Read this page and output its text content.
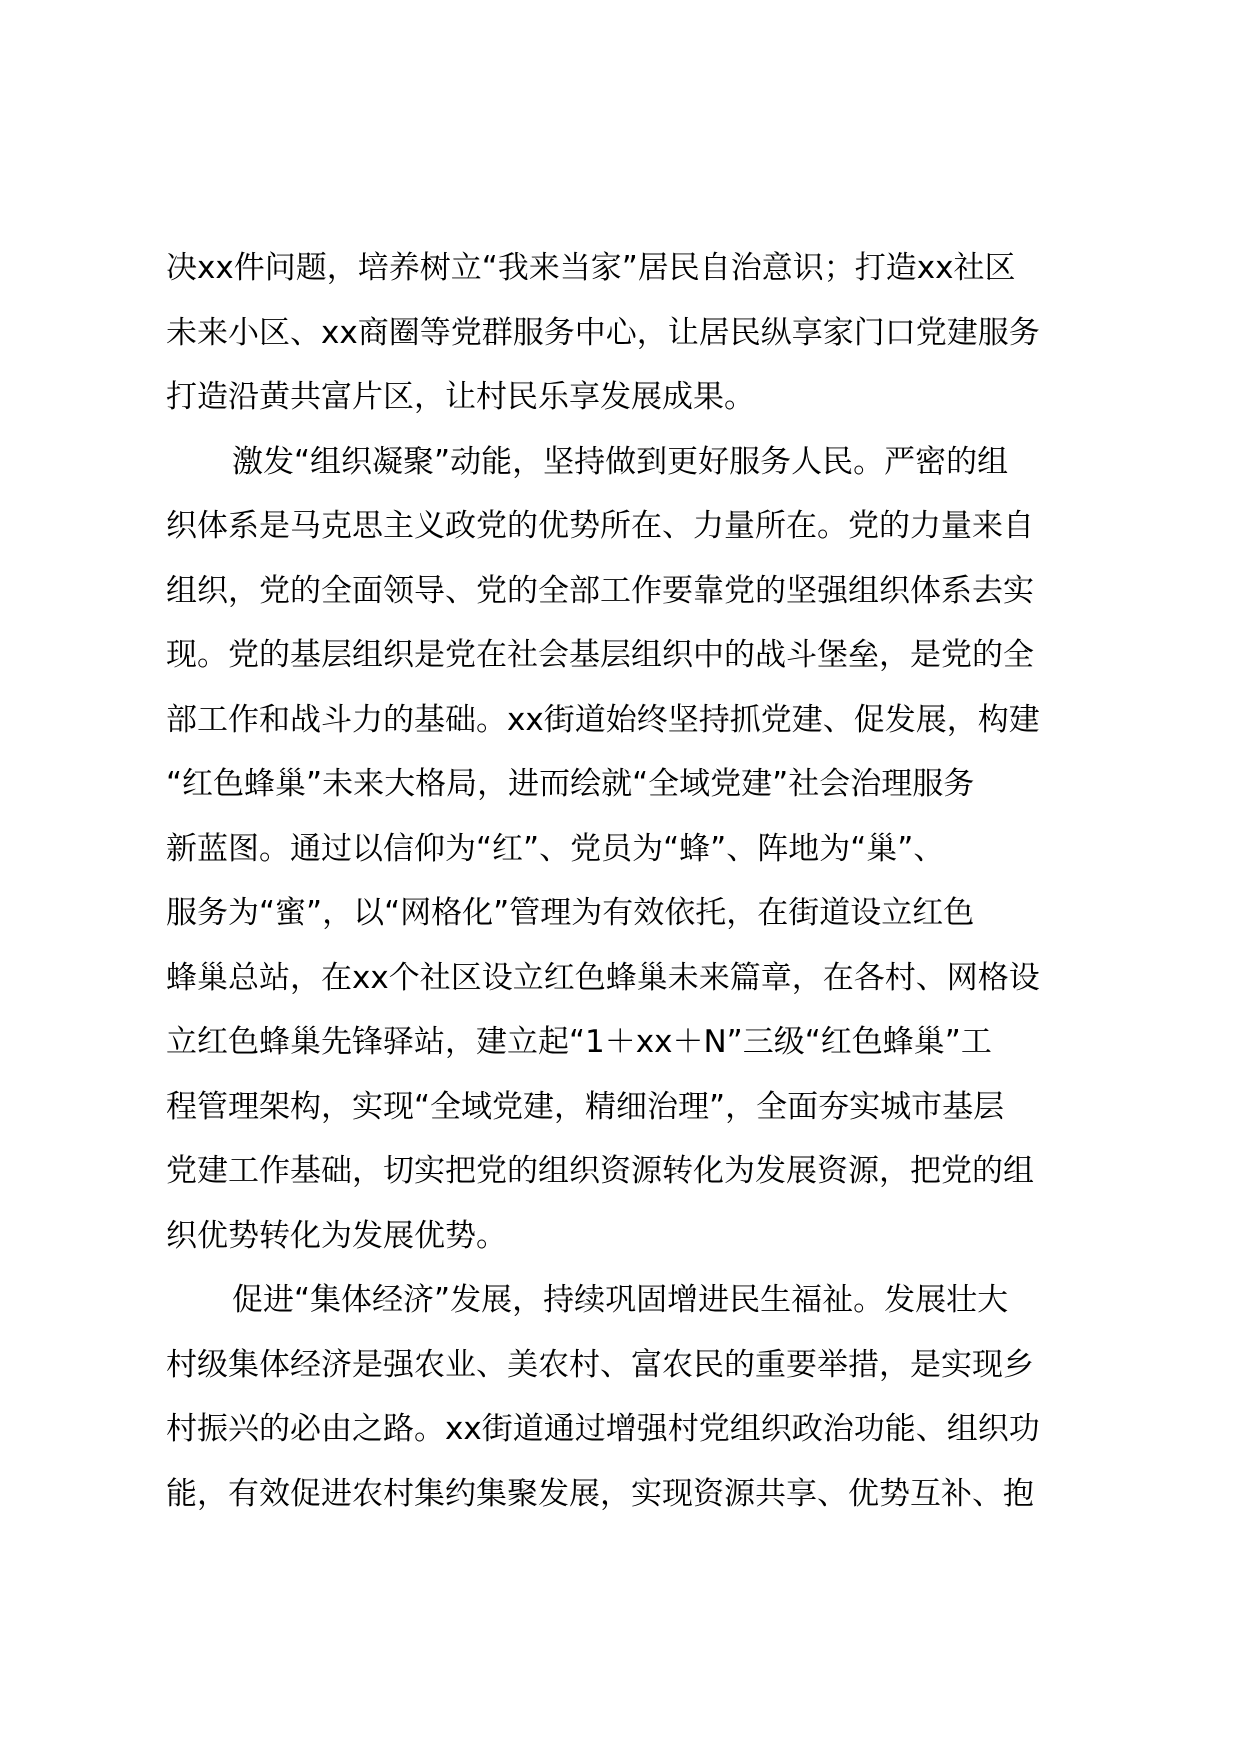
决xx件问题，培养树立“我来当家”居民自治意识；打造xx社区
未来小区、xx商圈等党群服务中心，让居民纵享家门口党建服务
打造沿黄共富片区，让村民乐享发展成果。
激发“组织凝聚”动能，坚持做到更好服务人民。严密的组
织体系是马克思主义政党的优势所在、力量所在。党的力量来自
组织，党的全面领导、党的全部工作要靠党的坚强组织体系去实
现。党的基层组织是党在社会基层组织中的战斗堡垒，是党的全
部工作和战斗力的基础。xx街道始终坚持抓党建、促发展，构建
“红色蜂巢”未来大格局，进而绘就“全域党建”社会治理服务
新蓝图。通过以信仰为“红”、党员为“蜂”、阵地为“巢”、
服务为“蜜”，以“网格化”管理为有效依托，在街道设立红色
蜂巢总站，在xx个社区设立红色蜂巢未来篇章，在各村、网格设
立红色蜂巢先锋驿站，建立起“1＋xx＋N”三级“红色蜂巢”工
程管理架构，实现“全域党建，精细治理”，全面夯实城市基层
党建工作基础，切实把党的组织资源转化为发展资源，把党的组
织优势转化为发展优势。
促进“集体经济”发展，持续巩固增进民生福祉。发展壮大
村级集体经济是强农业、美农村、富农民的重要举措，是实现乡
村振兴的必由之路。xx街道通过增强村党组织政治功能、组织功
能，有效促进农村集约集聚发展，实现资源共享、优势互补、抱
